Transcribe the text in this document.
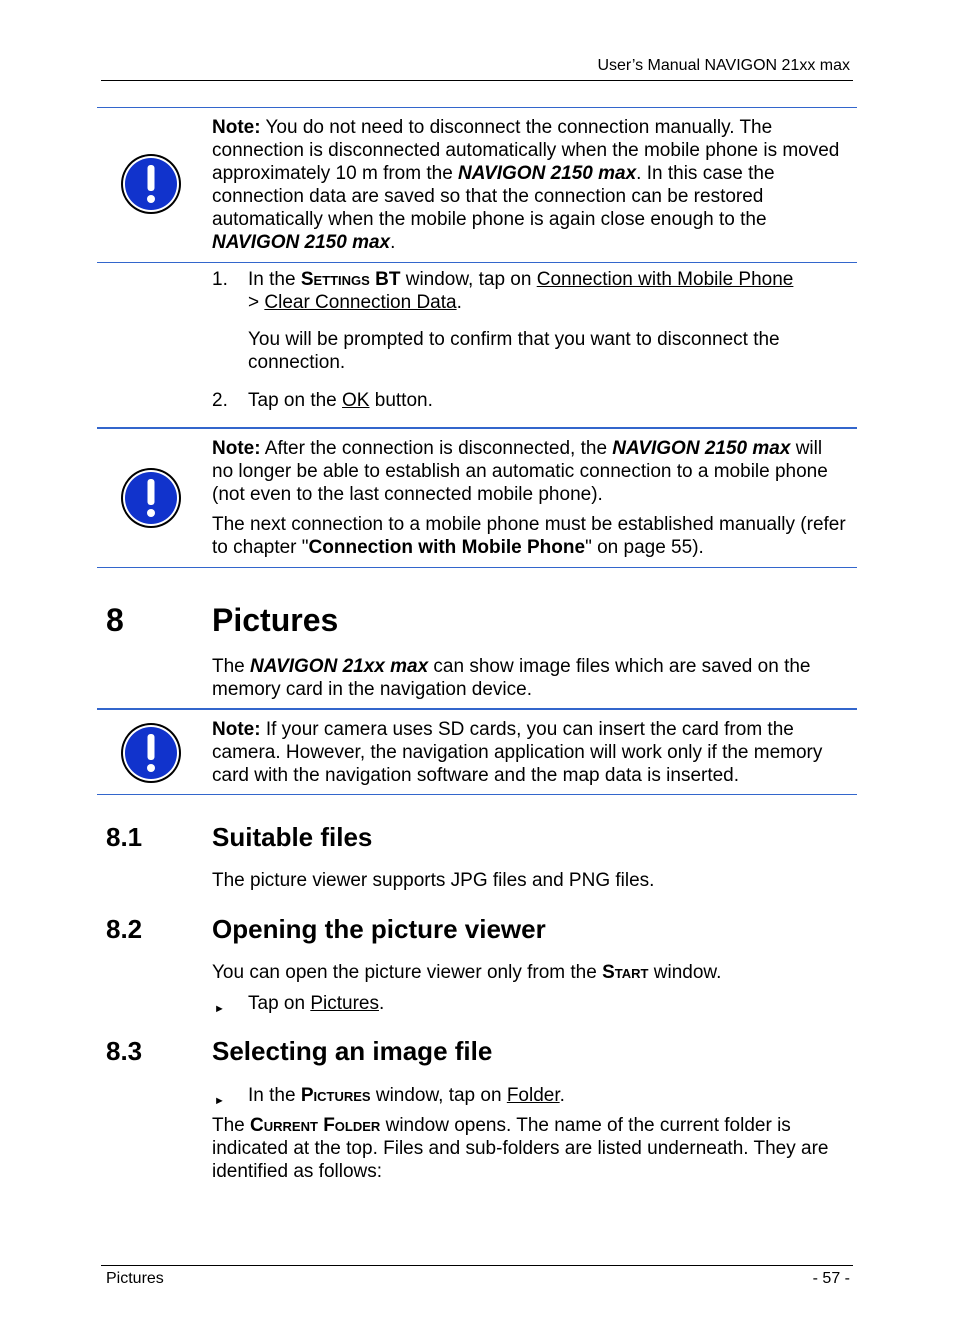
User’s Manual NAVIGON 21xx max

Note: You do not need to disconnect the connection manually. The connection is disconnected automatically when the mobile phone is moved approximately 10 m from the NAVIGON 2150 max. In this case the connection data are saved so that the connection can be restored automatically when the mobile phone is again close enough to the NAVIGON 2150 max.

1. In the Settings BT window, tap on Connection with Mobile Phone > Clear Connection Data.

You will be prompted to confirm that you want to disconnect the connection.

2. Tap on the OK button.

Note: After the connection is disconnected, the NAVIGON 2150 max will no longer be able to establish an automatic connection to a mobile phone (not even to the last connected mobile phone).

The next connection to a mobile phone must be established manually (refer to chapter "Connection with Mobile Phone" on page 55).

8	Pictures

The NAVIGON 21xx max can show image files which are saved on the memory card in the navigation device.

Note: If your camera uses SD cards, you can insert the card from the camera. However, the navigation application will work only if the memory card with the navigation software and the map data is inserted.

8.1	Suitable files

The picture viewer supports JPG files and PNG files.

8.2	Opening the picture viewer

You can open the picture viewer only from the Start window.

► Tap on Pictures.
8.3	Selecting an image file
► In the Pictures window, tap on Folder.

The Current Folder window opens. The name of the current folder is indicated at the top. Files and sub-folders are listed underneath. They are identified as follows:

Pictures	- 57 -
